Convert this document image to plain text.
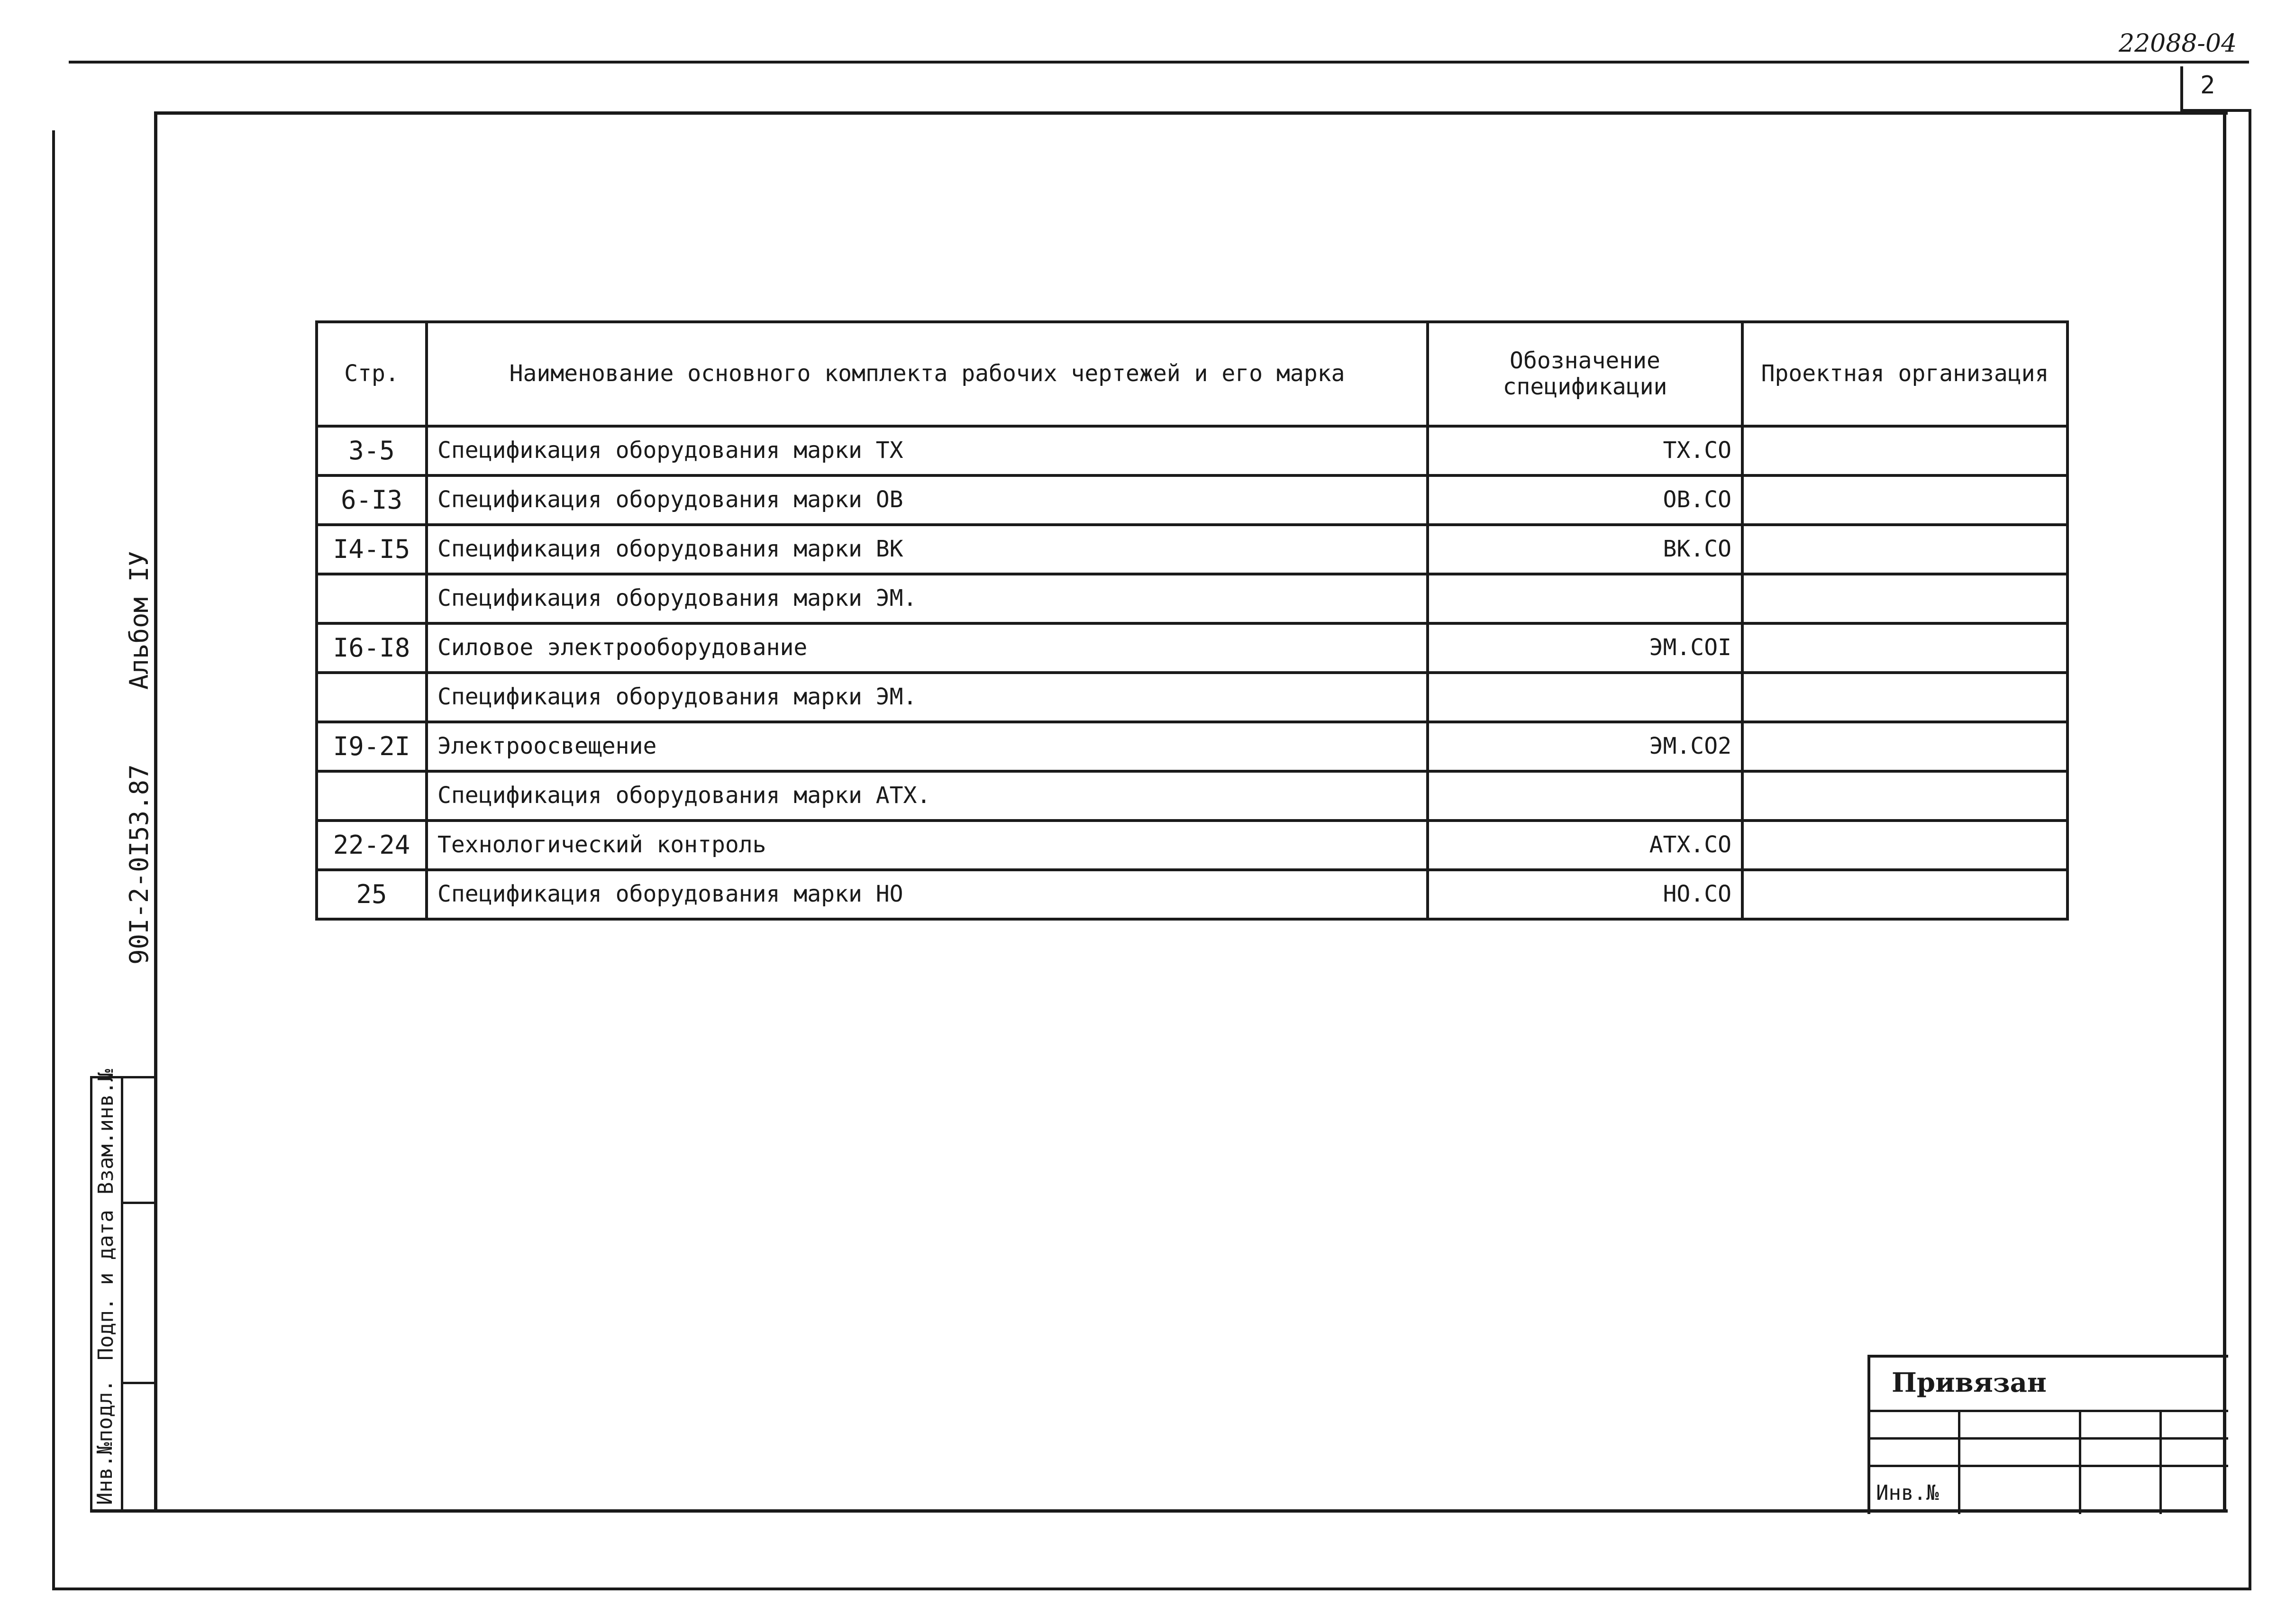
22088-04
2
90I-2-0I53.87
Альбом IУ
Инв.№подл.
Подп. и дата
Взам.инв.№
Стр.	Наименование основного комплекта рабочих чертежей и его марка	Обозначение спецификации	Проектная организация
3-5	Спецификация оборудования марки ТХ	ТХ.СО	
6-I3	Спецификация оборудования марки ОВ	ОВ.СО	
I4-I5	Спецификация оборудования марки ВК	ВК.СО	
	Спецификация оборудования марки ЭМ.		
I6-I8	Силовое электрооборудование	ЭМ.СОI	
	Спецификация оборудования марки ЭМ.		
I9-2I	Электроосвещение	ЭМ.СО2	
	Спецификация оборудования марки АТХ.		
22-24	Технологический контроль	АТХ.СО	
25	Спецификация оборудования марки НО	НО.СО	
Привязан
Инв.№
